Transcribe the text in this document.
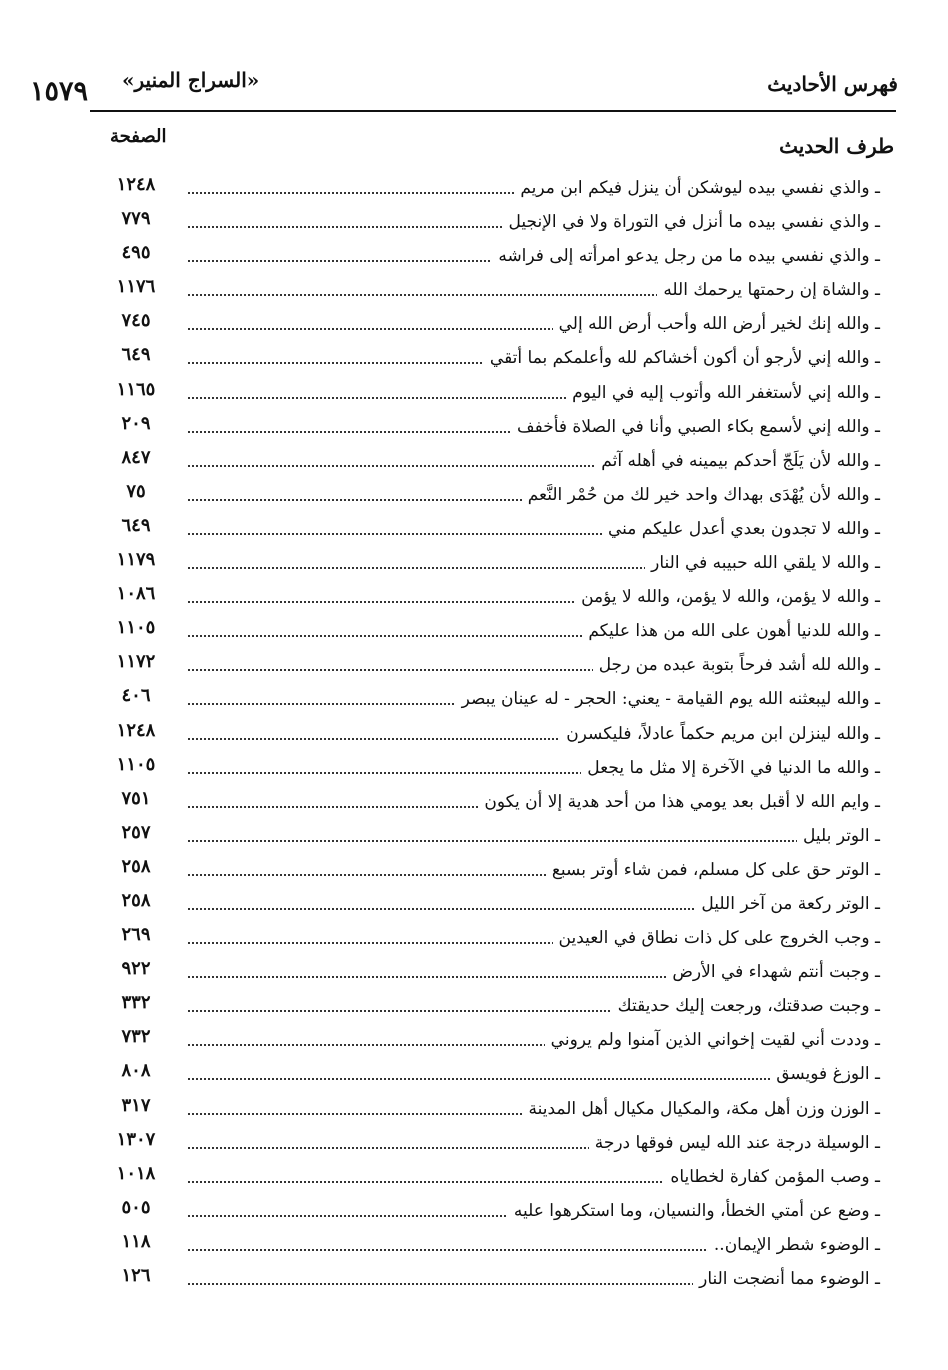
فهرس الأحاديث
«السراج المنير»
١٥٧٩
طرف الحديث
الصفحة
ـ والذي نفسي بيده ليوشكن أن ينزل فيكم ابن مريم
١٢٤٨
ـ والذي نفسي بيده ما أنزل في التوراة ولا في الإنجيل
٧٧٩
ـ والذي نفسي بيده ما من رجل يدعو امرأته إلى فراشه
٤٩٥
ـ والشاة إن رحمتها يرحمك الله
١١٧٦
ـ والله إنك لخير أرض الله وأحب أرض الله إلي
٧٤٥
ـ والله إني لأرجو أن أكون أخشاكم لله وأعلمكم بما أتقي
٦٤٩
ـ والله إني لأستغفر الله وأتوب إليه في اليوم
١١٦٥
ـ والله إني لأسمع بكاء الصبي وأنا في الصلاة فأخفف
٢٠٩
ـ والله لأن يَلَجّ أحدكم بيمينه في أهله آثم
٨٤٧
ـ والله لأن يُهْدَى بهداك واحد خير لك من حُمْر النَّعم
٧٥
ـ والله لا تجدون بعدي أعدل عليكم مني
٦٤٩
ـ والله لا يلقي الله حبيبه في النار
١١٧٩
ـ والله لا يؤمن، والله لا يؤمن، والله لا يؤمن
١٠٨٦
ـ والله للدنيا أهون على الله من هذا عليكم
١١٠٥
ـ والله لله أشد فرحاً بتوبة عبده من رجل
١١٧٢
ـ والله ليبعثنه الله يوم القيامة - يعني: الحجر - له عينان يبصر
٤٠٦
ـ والله لينزلن ابن مريم حكماً عادلاً، فليكسرن
١٢٤٨
ـ والله ما الدنيا في الآخرة إلا مثل ما يجعل
١١٠٥
ـ وايم الله لا أقبل بعد يومي هذا من أحد هدية إلا أن يكون
٧٥١
ـ الوتر بليل
٢٥٧
ـ الوتر حق على كل مسلم، فمن شاء أوتر بسبع
٢٥٨
ـ الوتر ركعة من آخر الليل
٢٥٨
ـ وجب الخروج على كل ذات نطاق في العيدين
٢٦٩
ـ وجبت أنتم شهداء في الأرض
٩٢٢
ـ وجبت صدقتك، ورجعت إليك حديقتك
٣٣٢
ـ وددت أني لقيت إخواني الذين آمنوا ولم يروني
٧٣٢
ـ الوزغ فويسق
٨٠٨
ـ الوزن وزن أهل مكة، والمكيال مكيال أهل المدينة
٣١٧
ـ الوسيلة درجة عند الله ليس فوقها درجة
١٣٠٧
ـ وصب المؤمن كفارة لخطاياه
١٠١٨
ـ وضع عن أمتي الخطأ، والنسيان، وما استكرهوا عليه
٥٠٥
ـ الوضوء شطر الإيمان..
١١٨
ـ الوضوء مما أنضجت النار
١٢٦
